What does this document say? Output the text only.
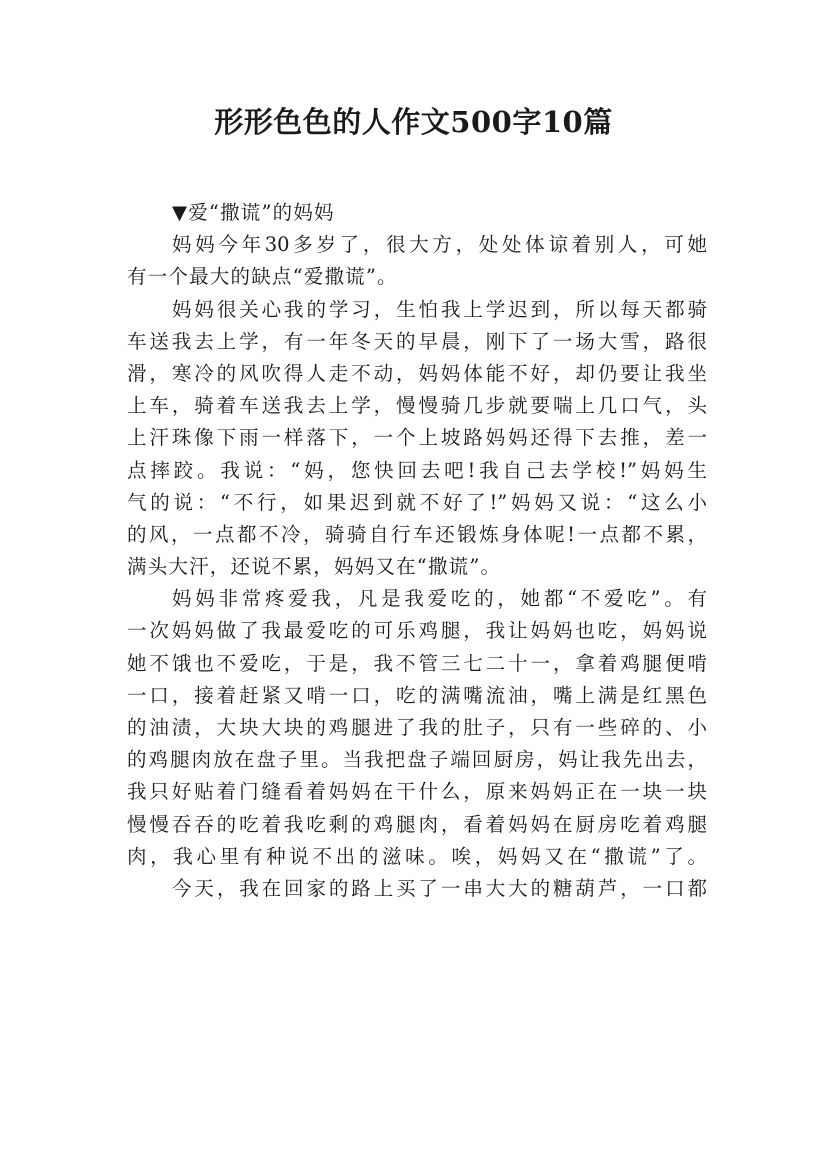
形形色色的人作文500字10篇
▼爱“撒谎”的妈妈
妈妈今年30多岁了，很大方，处处体谅着别人，可她
有一个最大的缺点“爱撒谎”。
妈妈很关心我的学习，生怕我上学迟到，所以每天都骑
车送我去上学，有一年冬天的早晨，刚下了一场大雪，路很
滑，寒冷的风吹得人走不动，妈妈体能不好，却仍要让我坐
上车，骑着车送我去上学，慢慢骑几步就要喘上几口气，头
上汗珠像下雨一样落下，一个上坡路妈妈还得下去推，差一
点摔跤。我说：“妈，您快回去吧!我自己去学校!”妈妈生
气的说：“不行，如果迟到就不好了!”妈妈又说：“这么小
的风，一点都不冷，骑骑自行车还锻炼身体呢!一点都不累，
满头大汗，还说不累，妈妈又在“撒谎”。
妈妈非常疼爱我，凡是我爱吃的，她都“不爱吃”。有
一次妈妈做了我最爱吃的可乐鸡腿，我让妈妈也吃，妈妈说
她不饿也不爱吃，于是，我不管三七二十一，拿着鸡腿便啃
一口，接着赶紧又啃一口，吃的满嘴流油，嘴上满是红黑色
的油渍，大块大块的鸡腿进了我的肚子，只有一些碎的、小
的鸡腿肉放在盘子里。当我把盘子端回厨房，妈让我先出去，
我只好贴着门缝看着妈妈在干什么，原来妈妈正在一块一块
慢慢吞吞的吃着我吃剩的鸡腿肉，看着妈妈在厨房吃着鸡腿
肉，我心里有种说不出的滋味。唉，妈妈又在“撒谎”了。
今天，我在回家的路上买了一串大大的糖葫芦，一口都
